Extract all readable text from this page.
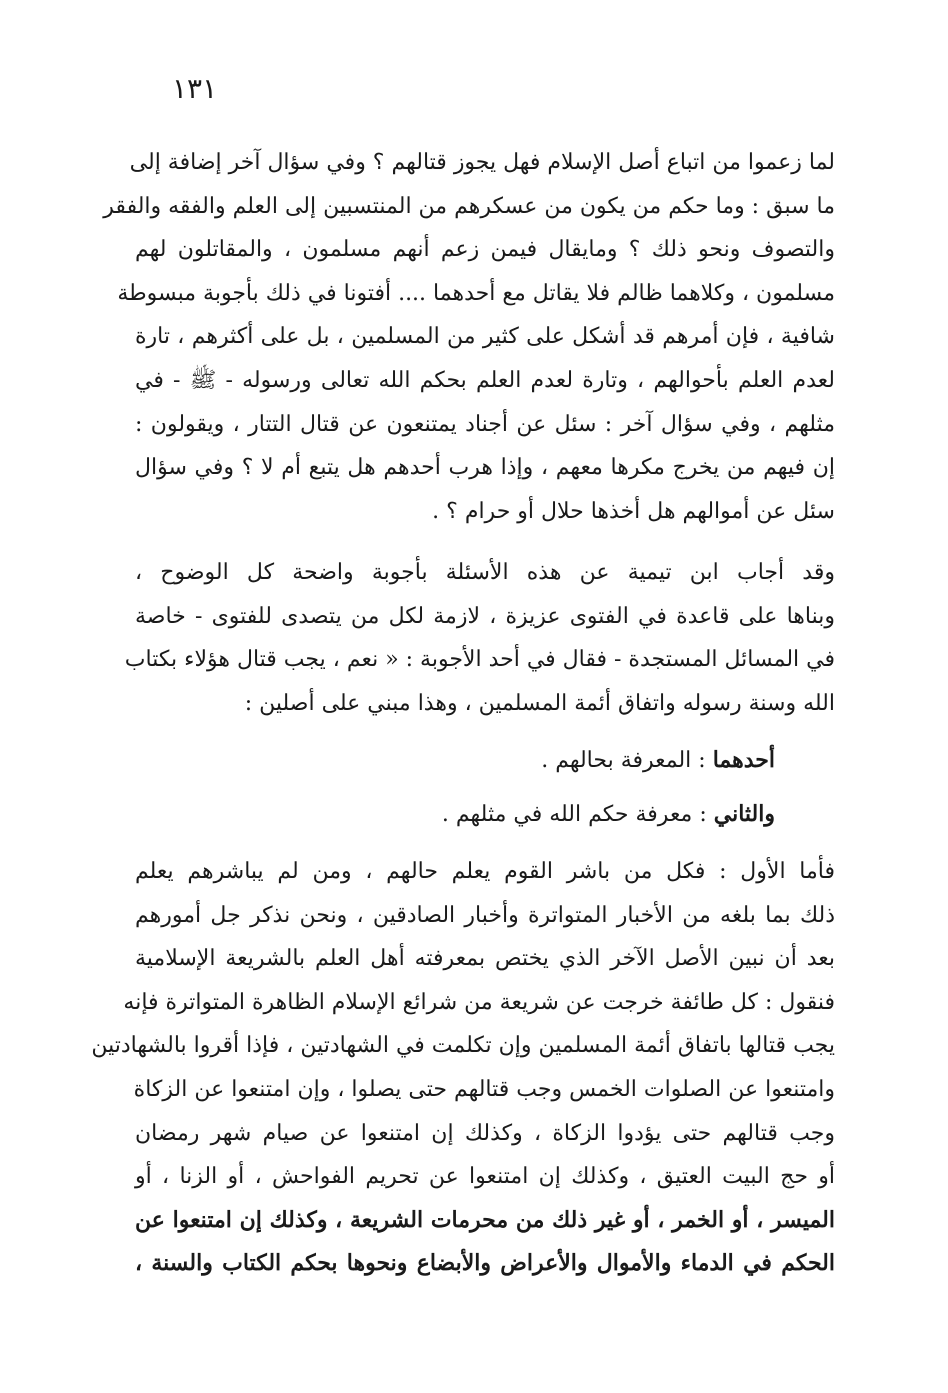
١٣١
لما زعموا من اتباع أصل الإسلام فهل يجوز قتالهم ؟ وفي سؤال آخر إضافة إلى
ما سبق : وما حكم من يكون من عسكرهم من المنتسبين إلى العلم والفقه والفقر
والتصوف ونحو ذلك ؟ ومايقال فيمن زعم أنهم مسلمون ، والمقاتلون لهم
مسلمون ، وكلاهما ظالم فلا يقاتل مع أحدهما .... أفتونا في ذلك بأجوبة مبسوطة
شافية ، فإن أمرهم قد أشكل على كثير من المسلمين ، بل على أكثرهم ، تارة
لعدم العلم بأحوالهم ، وتارة لعدم العلم بحكم الله تعالى ورسوله - ﷺ - في
مثلهم ، وفي سؤال آخر : سئل عن أجناد يمتنعون عن قتال التتار ، ويقولون :
إن فيهم من يخرج مكرها معهم ، وإذا هرب أحدهم هل يتبع أم لا ؟ وفي سؤال
سئل عن أموالهم هل أخذها حلال أو حرام ؟ .
وقد أجاب ابن تيمية عن هذه الأسئلة بأجوبة واضحة كل الوضوح ،
وبناها على قاعدة في الفتوى عزيزة ، لازمة لكل من يتصدى للفتوى - خاصة
في المسائل المستجدة - فقال في أحد الأجوبة : « نعم ، يجب قتال هؤلاء بكتاب
الله وسنة رسوله واتفاق أئمة المسلمين ، وهذا مبني على أصلين :
أحدهما : المعرفة بحالهم .
والثاني : معرفة حكم الله في مثلهم .
فأما الأول : فكل من باشر القوم يعلم حالهم ، ومن لم يباشرهم يعلم
ذلك بما بلغه من الأخبار المتواترة وأخبار الصادقين ، ونحن نذكر جل أمورهم
بعد أن نبين الأصل الآخر الذي يختص بمعرفته أهل العلم بالشريعة الإسلامية
فنقول : كل طائفة خرجت عن شريعة من شرائع الإسلام الظاهرة المتواترة فإنه
يجب قتالها باتفاق أئمة المسلمين وإن تكلمت في الشهادتين ، فإذا أقروا بالشهادتين
وامتنعوا عن الصلوات الخمس وجب قتالهم حتى يصلوا ، وإن امتنعوا عن الزكاة
وجب قتالهم حتى يؤدوا الزكاة ، وكذلك إن امتنعوا عن صيام شهر رمضان
أو حج البيت العتيق ، وكذلك إن امتنعوا عن تحريم الفواحش ، أو الزنا ، أو
الميسر ، أو الخمر ، أو غير ذلك من محرمات الشريعة ، وكذلك إن امتنعوا عن
الحكم في الدماء والأموال والأعراض والأبضاع ونحوها بحكم الكتاب والسنة ،
